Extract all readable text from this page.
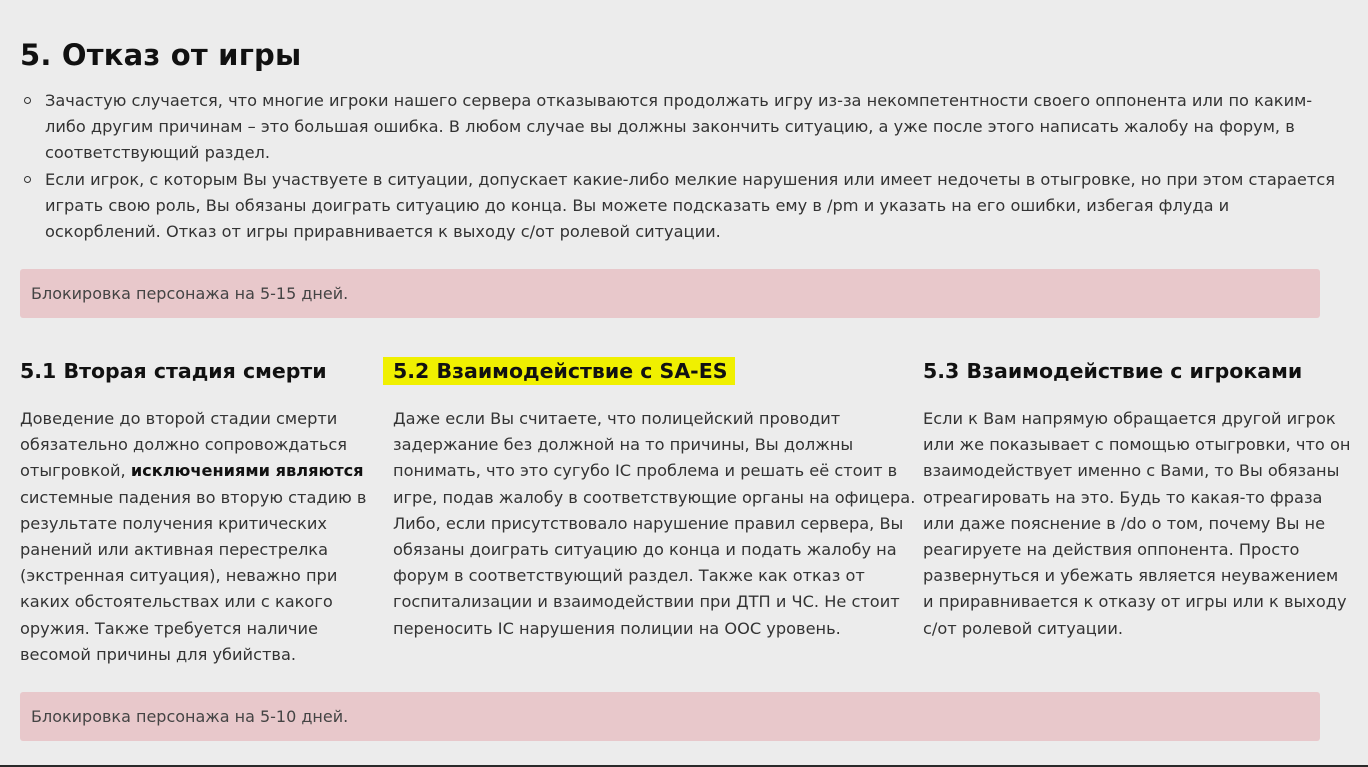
5. Отказ от игры
Зачастую случается, что многие игроки нашего сервера отказываются продолжать игру из-за некомпетентности своего оппонента или по каким-либо другим причинам – это большая ошибка. В любом случае вы должны закончить ситуацию, а уже после этого написать жалобу на форум, в соответствующий раздел.
Если игрок, с которым Вы участвуете в ситуации, допускает какие-либо мелкие нарушения или имеет недочеты в отыгровке, но при этом старается играть свою роль, Вы обязаны доиграть ситуацию до конца. Вы можете подсказать ему в /pm и указать на его ошибки, избегая флуда и оскорблений. Отказ от игры приравнивается к выходу с/от ролевой ситуации.
Блокировка персонажа на 5-15 дней.
5.1 Вторая стадия смерти

Доведение до второй стадии смерти обязательно должно сопровождаться отыгровкой, исключениями являются системные падения во вторую стадию в результате получения критических ранений или активная перестрелка (экстренная ситуация), неважно при каких обстоятельствах или с какого оружия. Также требуется наличие весомой причины для убийства.

5.2 Взаимодействие с SA-ES

Даже если Вы считаете, что полицейский проводит задержание без должной на то причины, Вы должны понимать, что это сугубо IC проблема и решать её стоит в игре, подав жалобу в соответствующие органы на офицера. Либо, если присутствовало нарушение правил сервера, Вы обязаны доиграть ситуацию до конца и подать жалобу на форум в соответствующий раздел. Также как отказ от госпитализации и взаимодействии при ДТП и ЧС. Не стоит переносить IC нарушения полиции на ООС уровень.

5.3 Взаимодействие с игроками

Если к Вам напрямую обращается другой игрок или же показывает с помощью отыгровки, что он взаимодействует именно с Вами, то Вы обязаны отреагировать на это. Будь то какая-то фраза или даже пояснение в /do о том, почему Вы не реагируете на действия оппонента. Просто развернуться и убежать является неуважением и приравнивается к отказу от игры или к выходу с/от ролевой ситуации.

Блокировка персонажа на 5-10 дней.
